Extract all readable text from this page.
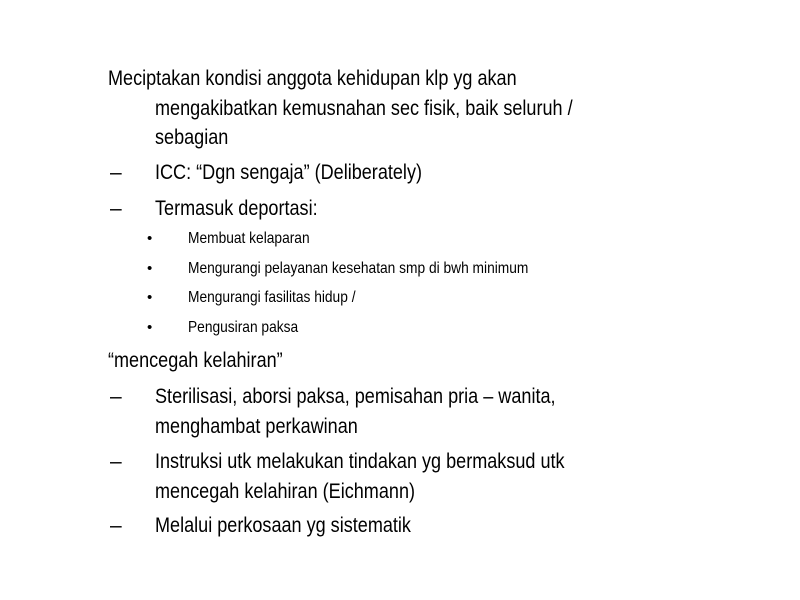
Meciptakan kondisi anggota kehidupan klp yg akan
mengakibatkan kemusnahan sec fisik, baik seluruh /
sebagian
– ICC: “Dgn sengaja” (Deliberately)
– Termasuk deportasi:
• Membuat kelaparan
• Mengurangi pelayanan kesehatan smp di bwh minimum
• Mengurangi fasilitas hidup /
• Pengusiran paksa
“mencegah kelahiran”
– Sterilisasi, aborsi paksa, pemisahan pria – wanita,
menghambat perkawinan
– Instruksi utk melakukan tindakan yg bermaksud utk
mencegah kelahiran (Eichmann)
– Melalui perkosaan yg sistematik
